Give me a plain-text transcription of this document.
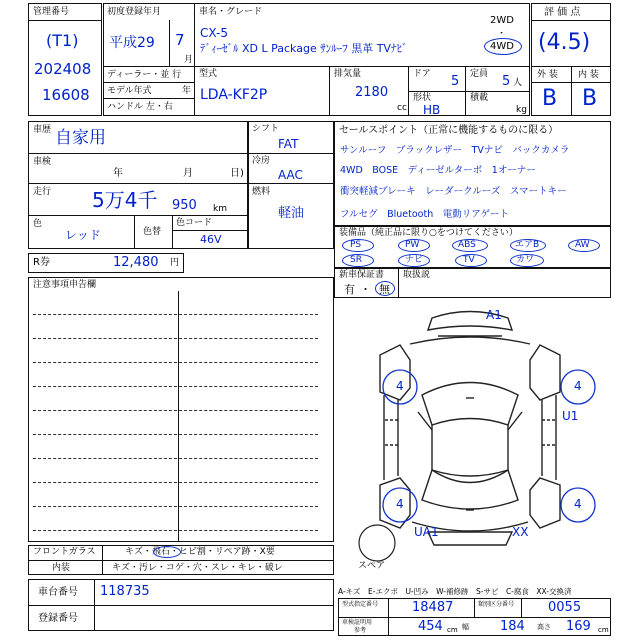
管理番号
(T1)
202408
16608
初度登録年月
平成29 7
月
車名・グレード
CX-5
ﾃﾞｨｰｾﾞﾙ XD L Package ｻﾝﾙｰﾌ 黒革 TVﾅﾋﾞ
2WD
・
4WD
ディーラー・並 行
モデル年式	年
ハンドル 左・右
型式
LDA-KF2P
排気量
2180
cc
ドア 5 定員 5 人
形状
HB
積載
kg
評 価 点
(4.5)
外 装 内 装
B B
車歴 自家用
車検
年	月	日)
走行 5万4千 950 km
色
レッド	色替
色コード
46V
シフト
FAT
冷房
AAC
燃料
軽油
R券	12,480 円
セールスポイント（正常に機能するものに限る）
サンルーフ　ブラックレザー　TVナビ　バックカメラ
4WD　BOSE　ディーゼルターボ　1オーナー
衝突軽減ブレーキ　レーダークルーズ　スマートキー
フルセグ　Bluetooth　電動リアゲート
装備品（純正品に限り○をつけてください）
PS	PW	ABS	エアB	AW
SR	ナビ	TV	カワ
新車保証書
有 ・ 無
取扱説
注意事項申告欄
A1
4	4
U1
4	4
UA1	XX
スペア
フロントガラス	キズ・飛石・ヒビ割・リペア跡・X要
内装	キズ・汚レ・コゲ・穴・スレ・キレ・破レ
車台番号 118735
登録番号
A-キズ　E-エクボ　U-凹み　W-補修跡　S-サビ　C-腐食　XX-交換済
型式指定番号	18487	類別区分番号	0055
車検証明用
参考	454 cm 幅 184 高さ 169 cm
